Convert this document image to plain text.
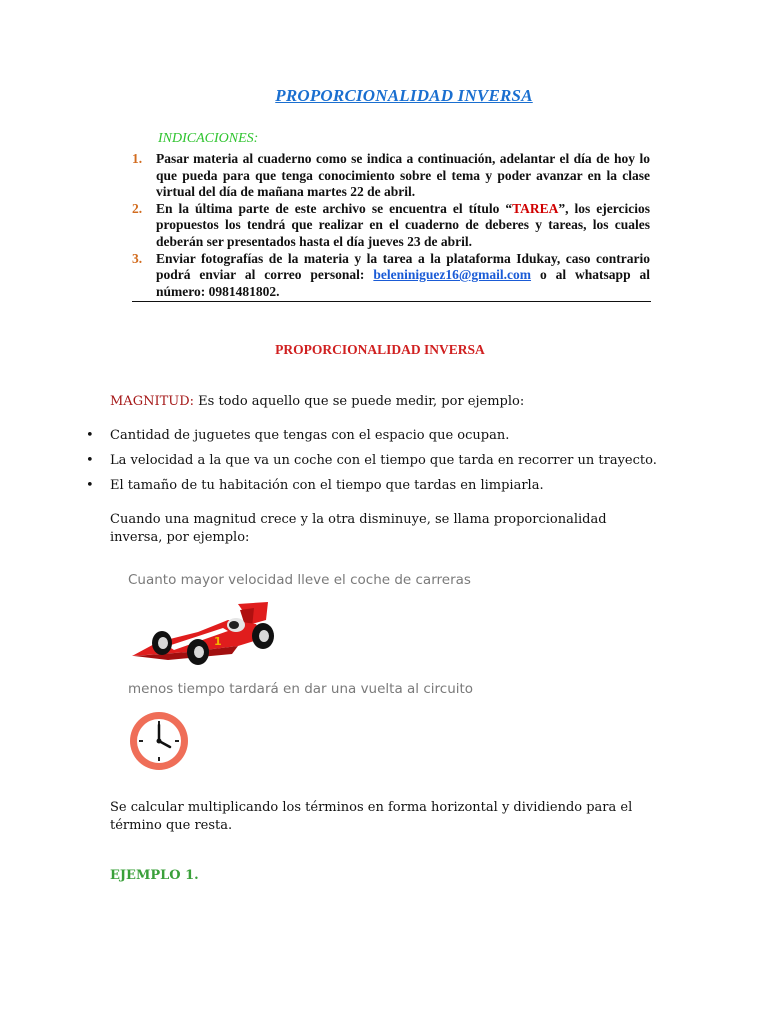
PROPORCIONALIDAD INVERSA
INDICACIONES:
1. Pasar materia al cuaderno como se indica a continuación, adelantar el día de hoy lo que pueda para que tenga conocimiento sobre el tema y poder avanzar en la clase virtual del día de mañana martes 22 de abril.
2. En la última parte de este archivo se encuentra el título “TAREA”, los ejercicios propuestos los tendrá que realizar en el cuaderno de deberes y tareas, los cuales deberán ser presentados hasta el día jueves 23 de abril.
3. Enviar fotografías de la materia y la tarea a la plataforma Idukay, caso contrario podrá enviar al correo personal: beleniniguez16@gmail.com o al whatsapp al número: 0981481802.
PROPORCIONALIDAD INVERSA
MAGNITUD: Es todo aquello que se puede medir, por ejemplo:
• Cantidad de juguetes que tengas con el espacio que ocupan.
• La velocidad a la que va un coche con el tiempo que tarda en recorrer un trayecto.
• El tamaño de tu habitación con el tiempo que tardas en limpiarla.
Cuando una magnitud crece y la otra disminuye, se llama proporcionalidad inversa, por ejemplo:
Cuanto mayor velocidad lleve el coche de carreras
1
menos tiempo tardará en dar una vuelta al circuito
Se calcular multiplicando los términos en forma horizontal y dividiendo para el término que resta.
EJEMPLO 1.
